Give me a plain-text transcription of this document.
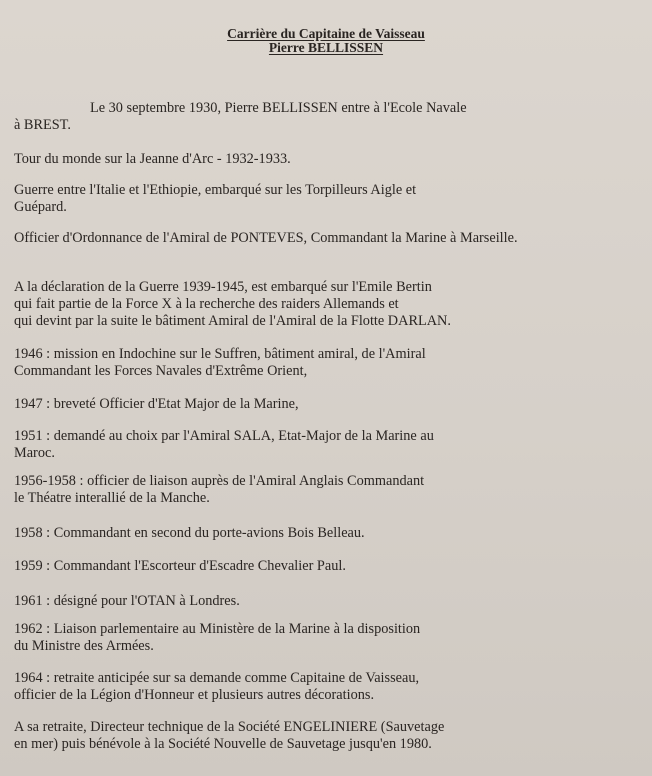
Carrière du Capitaine de Vaisseau
Pierre BELLISSEN
Le 30 septembre 1930, Pierre BELLISSEN entre à l'Ecole Navale
à BREST.
Tour du monde sur la Jeanne d'Arc - 1932-1933.
Guerre entre l'Italie et l'Ethiopie, embarqué sur les Torpilleurs Aigle et
Guépard.
Officier d'Ordonnance de l'Amiral de PONTEVES, Commandant la Marine à Marseille.
A la déclaration de la Guerre 1939-1945, est embarqué sur l'Emile Bertin
qui fait partie de la Force X à la recherche des raiders Allemands et
qui devint par la suite le bâtiment Amiral de l'Amiral de la Flotte DARLAN.
1946 : mission en Indochine sur le Suffren, bâtiment amiral, de l'Amiral
Commandant les Forces Navales d'Extrême Orient,
1947 : breveté Officier d'Etat Major de la Marine,
1951 : demandé au choix par l'Amiral SALA, Etat-Major de la Marine au
Maroc.
1956-1958 : officier de liaison auprès de l'Amiral Anglais Commandant
le Théatre interallié de la Manche.
1958 : Commandant en second du porte-avions Bois Belleau.
1959 : Commandant l'Escorteur d'Escadre Chevalier Paul.
1961 : désigné pour l'OTAN à Londres.
1962 : Liaison parlementaire au Ministère de la Marine à la disposition
du Ministre des Armées.
1964 : retraite anticipée sur sa demande comme Capitaine de Vaisseau,
officier de la Légion d'Honneur et plusieurs autres décorations.
A sa retraite, Directeur technique de la Société ENGELINIERE (Sauvetage
en mer) puis bénévole à la Société Nouvelle de Sauvetage jusqu'en 1980.
